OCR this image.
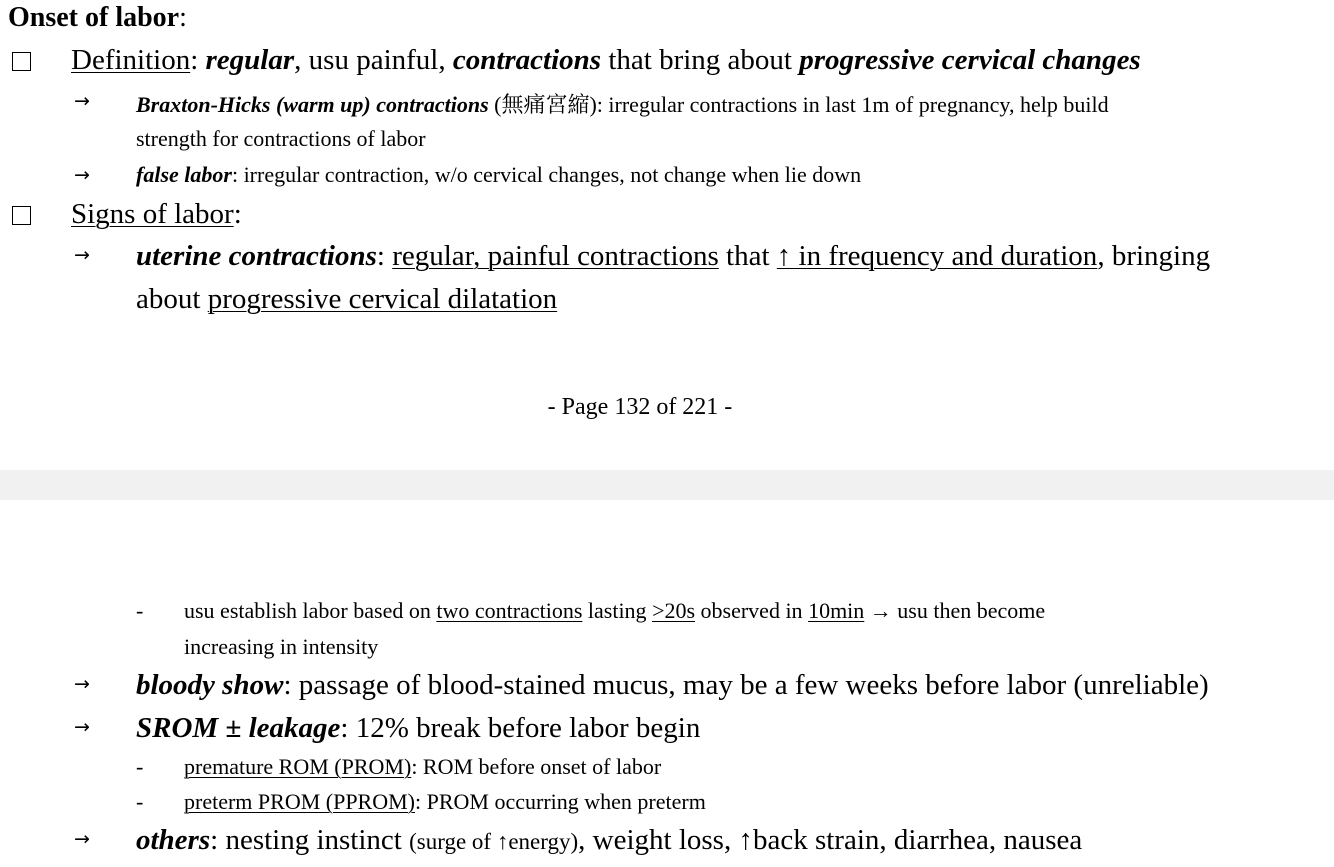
Onset of labor:
Definition: regular, usu painful, contractions that bring about progressive cervical changes
→ Braxton-Hicks (warm up) contractions (無痛宮縮): irregular contractions in last 1m of pregnancy, help build
strength for contractions of labor
→ false labor: irregular contraction, w/o cervical changes, not change when lie down
Signs of labor:
→ uterine contractions: regular, painful contractions that ↑ in frequency and duration, bringing
about progressive cervical dilatation
- Page 132 of 221 -
- usu establish labor based on two contractions lasting >20s observed in 10min → usu then become
increasing in intensity
→ bloody show: passage of blood-stained mucus, may be a few weeks before labor (unreliable)
→ SROM ± leakage: 12% break before labor begin
- premature ROM (PROM): ROM before onset of labor
- preterm PROM (PPROM): PROM occurring when preterm
→ others: nesting instinct (surge of ↑energy), weight loss, ↑back strain, diarrhea, nausea
